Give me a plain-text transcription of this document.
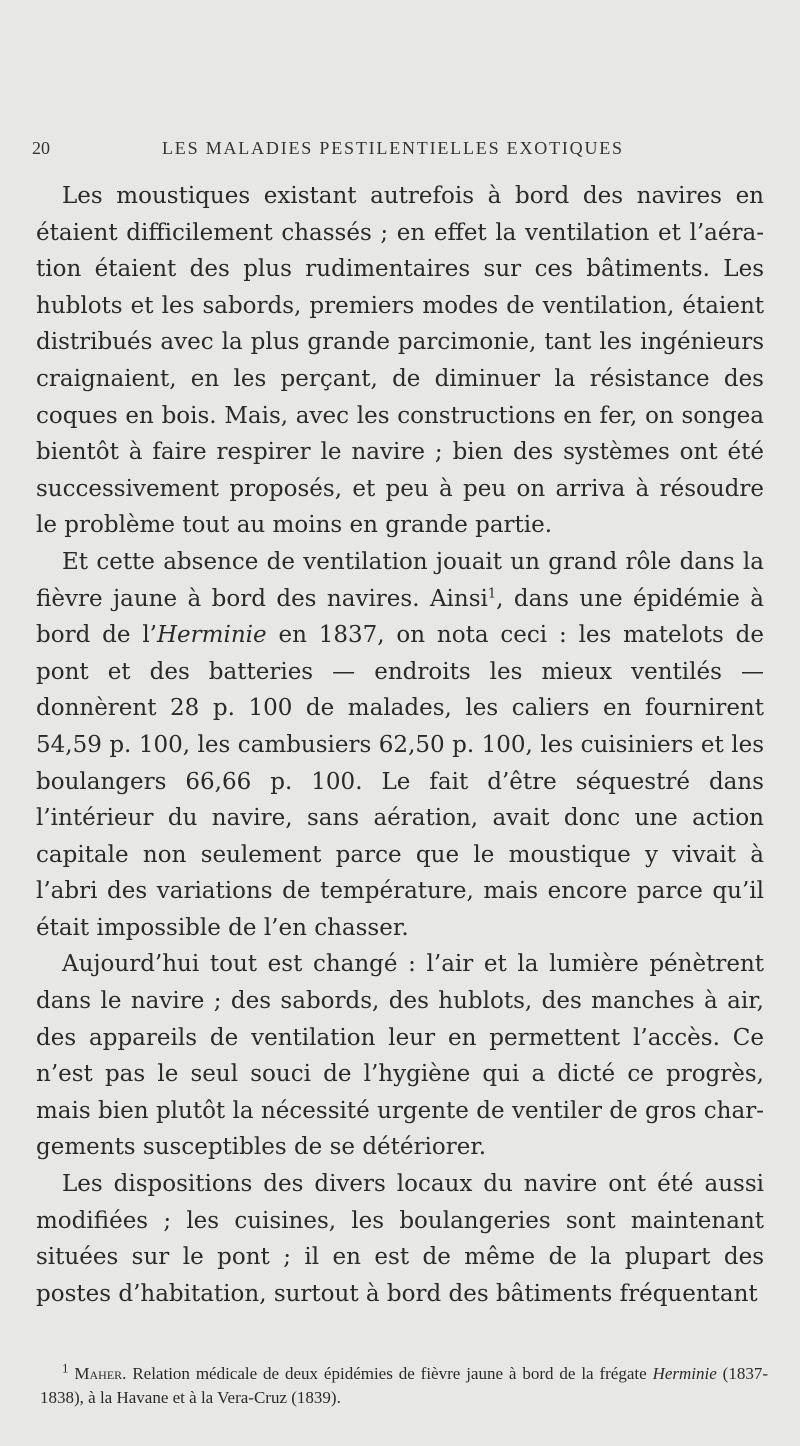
20	LES MALADIES PESTILENTIELLES EXOTIQUES

Les moustiques existant autrefois à bord des navires en étaient difficilement chassés ; en effet la ventilation et l’aération étaient des plus rudimentaires sur ces bâtiments. Les hublots et les sabords, premiers modes de ventilation, étaient distribués avec la plus grande parcimonie, tant les ingénieurs craignaient, en les perçant, de diminuer la résistance des coques en bois. Mais, avec les constructions en fer, on songea bientôt à faire respirer le navire ; bien des systèmes ont été successivement proposés, et peu à peu on arriva à résoudre le problème tout au moins en grande partie.

Et cette absence de ventilation jouait un grand rôle dans la fièvre jaune à bord des navires. Ainsi$^1$, dans une épidémie à bord de l’Herminie en 1837, on nota ceci : les matelots de pont et des batteries — endroits les mieux ventilés — donnèrent 28 p. 100 de malades, les caliers en fournirent 54,59 p. 100, les cambusiers 62,50 p. 100, les cuisiniers et les boulangers 66,66 p. 100. Le fait d’être séquestré dans l’intérieur du navire, sans aération, avait donc une action capitale non seulement parce que le moustique y vivait à l’abri des variations de température, mais encore parce qu’il était impossible de l’en chasser.

Aujourd’hui tout est changé : l’air et la lumière pénètrent dans le navire ; des sabords, des hublots, des manches à air, des appareils de ventilation leur en permettent l’accès. Ce n’est pas le seul souci de l’hygiène qui a dicté ce progrès, mais bien plutôt la nécessité urgente de ventiler de gros chargements susceptibles de se détériorer.

Les dispositions des divers locaux du navire ont été aussi modifiées ; les cuisines, les boulangeries sont maintenant situées sur le pont ; il en est de même de la plupart des postes d’habitation, surtout à bord des bâtiments fréquentant

$^1$ Maher. Relation médicale de deux épidémies de fièvre jaune à bord de la frégate Herminie (1837-1838), à la Havane et à la Vera-Cruz (1839).
